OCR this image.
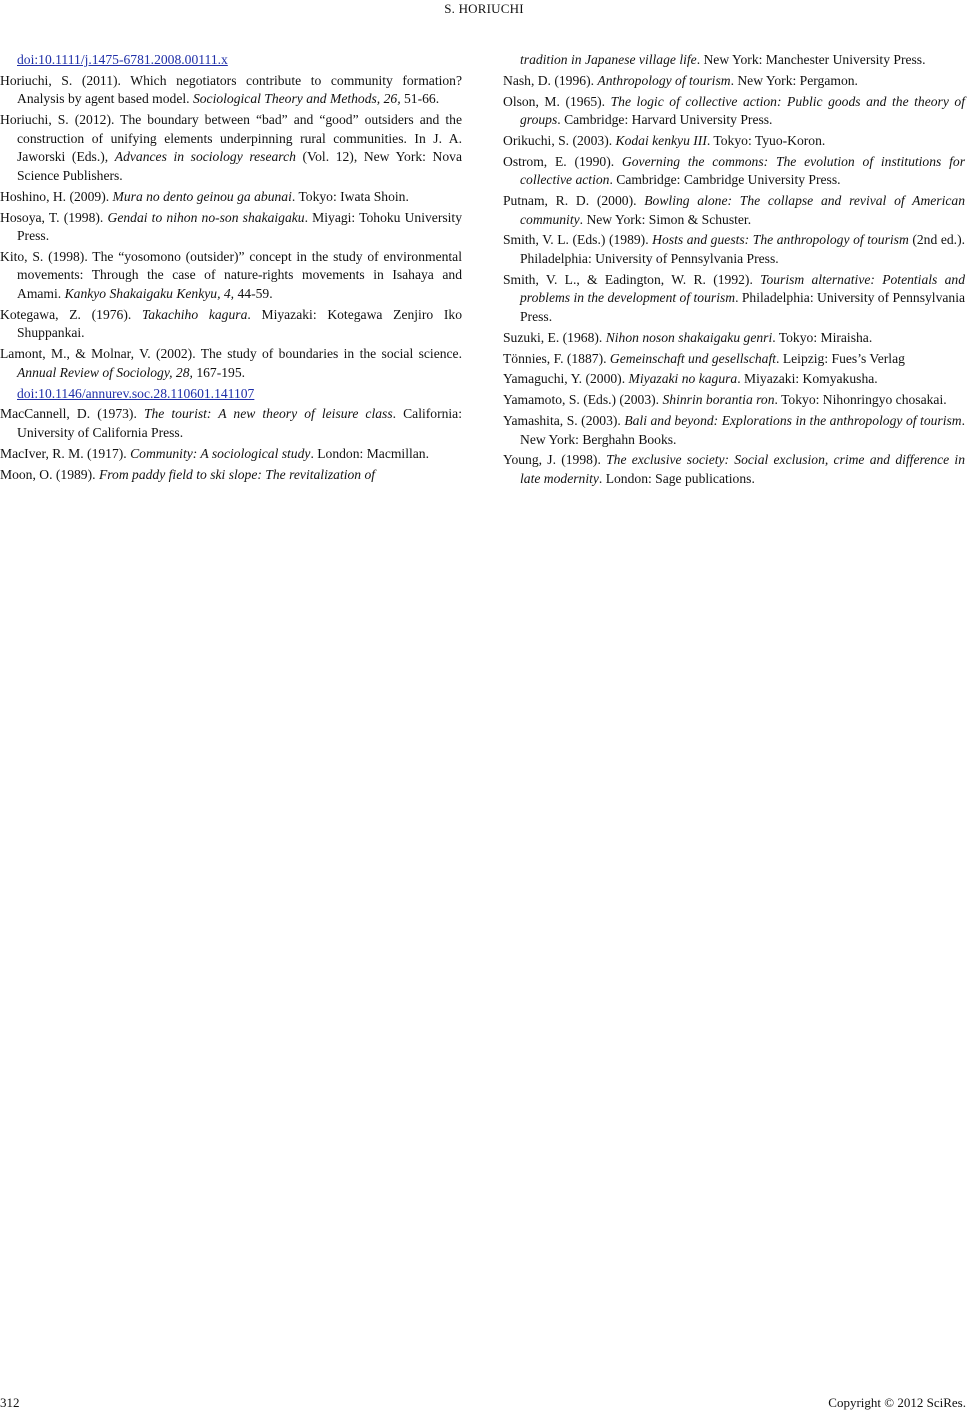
S. HORIUCHI

doi:10.1111/j.1475-6781.2008.00111.x

Horiuchi, S. (2011). Which negotiators contribute to community formation? Analysis by agent based model. Sociological Theory and Methods, 26, 51-66.

Horiuchi, S. (2012). The boundary between “bad” and “good” outsiders and the construction of unifying elements underpinning rural communities. In J. A. Jaworski (Eds.), Advances in sociology research (Vol. 12), New York: Nova Science Publishers.

Hoshino, H. (2009). Mura no dento geinou ga abunai. Tokyo: Iwata Shoin.

Hosoya, T. (1998). Gendai to nihon no-son shakaigaku. Miyagi: Tohoku University Press.

Kito, S. (1998). The “yosomono (outsider)” concept in the study of environmental movements: Through the case of nature-rights movements in Isahaya and Amami. Kankyo Shakaigaku Kenkyu, 4, 44-59.

Kotegawa, Z. (1976). Takachiho kagura. Miyazaki: Kotegawa Zenjiro Iko Shuppankai.

Lamont, M., & Molnar, V. (2002). The study of boundaries in the social science. Annual Review of Sociology, 28, 167-195.

doi:10.1146/annurev.soc.28.110601.141107

MacCannell, D. (1973). The tourist: A new theory of leisure class. California: University of California Press.

MacIver, R. M. (1917). Community: A sociological study. London: Macmillan.

Moon, O. (1989). From paddy field to ski slope: The revitalization of

tradition in Japanese village life. New York: Manchester University Press.

Nash, D. (1996). Anthropology of tourism. New York: Pergamon.

Olson, M. (1965). The logic of collective action: Public goods and the theory of groups. Cambridge: Harvard University Press.

Orikuchi, S. (2003). Kodai kenkyu III. Tokyo: Tyuo-Koron.

Ostrom, E. (1990). Governing the commons: The evolution of institutions for collective action. Cambridge: Cambridge University Press.

Putnam, R. D. (2000). Bowling alone: The collapse and revival of American community. New York: Simon & Schuster.

Smith, V. L. (Eds.) (1989). Hosts and guests: The anthropology of tourism (2nd ed.). Philadelphia: University of Pennsylvania Press.

Smith, V. L., & Eadington, W. R. (1992). Tourism alternative: Potentials and problems in the development of tourism. Philadelphia: University of Pennsylvania Press.

Suzuki, E. (1968). Nihon noson shakaigaku genri. Tokyo: Miraisha.

Tönnies, F. (1887). Gemeinschaft und gesellschaft. Leipzig: Fues’s Verlag

Yamaguchi, Y. (2000). Miyazaki no kagura. Miyazaki: Komyakusha.

Yamamoto, S. (Eds.) (2003). Shinrin borantia ron. Tokyo: Nihonringyo chosakai.

Yamashita, S. (2003). Bali and beyond: Explorations in the anthropology of tourism. New York: Berghahn Books.

Young, J. (1998). The exclusive society: Social exclusion, crime and difference in late modernity. London: Sage publications.

312	Copyright © 2012 SciRes.
